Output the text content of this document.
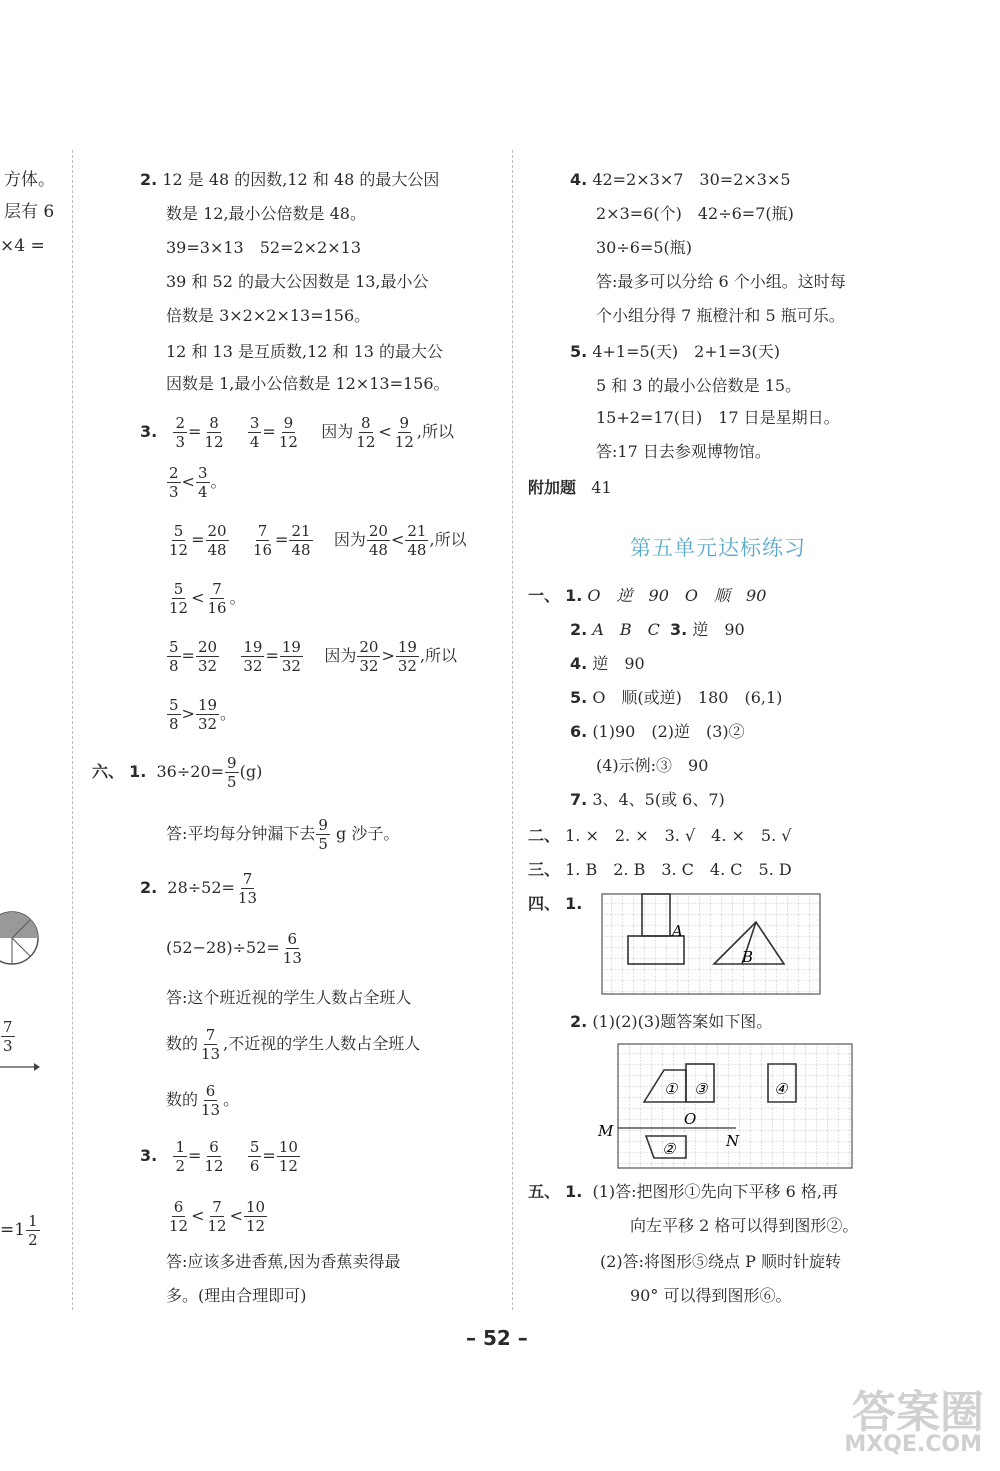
方体。
层有 6
×4 =
$\frac{7}{3}$
$=1 \frac{1}{2}$
2. 12 是 48 的因数,12 和 48 的最大公因
数是 12,最小公倍数是 48。
39=3×13　52=2×2×13
39 和 52 的最大公因数是 13,最小公
倍数是 3×2×2×13=156。
12 和 13 是互质数,12 和 13 的最大公
因数是 1,最小公倍数是 12×13=156。
3. $\frac{2}{3} = \frac{8}{12}$
$\frac{3}{4} = \frac{9}{12}$ 因为 $\frac{8}{12} < \frac{9}{12}$ ,所以
$\frac{2}{3} < \frac{3}{4}$ 。
$\frac{5}{12} = \frac{20}{48}$
$\frac{7}{16} = \frac{21}{48}$ 因为 $\frac{20}{48} < \frac{21}{48}$ ,所以
$\frac{5}{12} < \frac{7}{16}$ 。
$\frac{5}{8} = \frac{20}{32}$
$\frac{19}{32} = \frac{19}{32}$ 因为 $\frac{20}{32} > \frac{19}{32}$ ,所以
$\frac{5}{8} > \frac{19}{32}$ 。
六、 1. $36\div 20= \frac{9}{5} (g)$
答:平均每分钟漏下去 $\frac{9}{5}$ g 沙子。
2. $28\div 52= \frac{7}{13}$
$(52-28)\div 52= \frac{6}{13}$
答:这个班近视的学生人数占全班人
数的 $\frac{7}{13}$ ,不近视的学生人数占全班人
数的 $\frac{6}{13}$ 。
3. $\frac{1}{2} = \frac{6}{12}$
$\frac{5}{6} = \frac{10}{12}$
$\frac{6}{12} < \frac{7}{12} < \frac{10}{12}$
答:应该多进香蕉,因为香蕉卖得最
多。(理由合理即可)
4. 42=2×3×7　30=2×3×5
2×3=6(个)　42÷6=7(瓶)
30÷6=5(瓶)
答:最多可以分给 6 个小组。这时每
个小组分得 7 瓶橙汁和 5 瓶可乐。
5. 4+1=5(天)　2+1=3(天)
5 和 3 的最小公倍数是 15。
15+2=17(日)　17 日是星期日。
答:17 日去参观博物馆。
附加题 41
第五单元达标练习
一、 1. O　逆　90　O　顺　90
2. A　B　C 3. 逆　90
4. 逆　90
5. O　顺(或逆)　180　(6,1)
6. (1)90　(2)逆　(3)②
(4)示例:③　90
7. 3、4、5(或 6、7)
二、 1. ×　2. ×　3. √　4. ×　5. √
三、 1. B　2. B　3. C　4. C　5. D
四、 1.
A
B
2. (1)(2)(3)题答案如下图。
① ③	④
②
M
O
N
五、 1. (1)答:把图形①先向下平移 6 格,再
向左平移 2 格可以得到图形②。
(2)答:将图形⑤绕点 P 顺时针旋转
90° 可以得到图形⑥。
– 52 –
答案圈
MXQE.COM
